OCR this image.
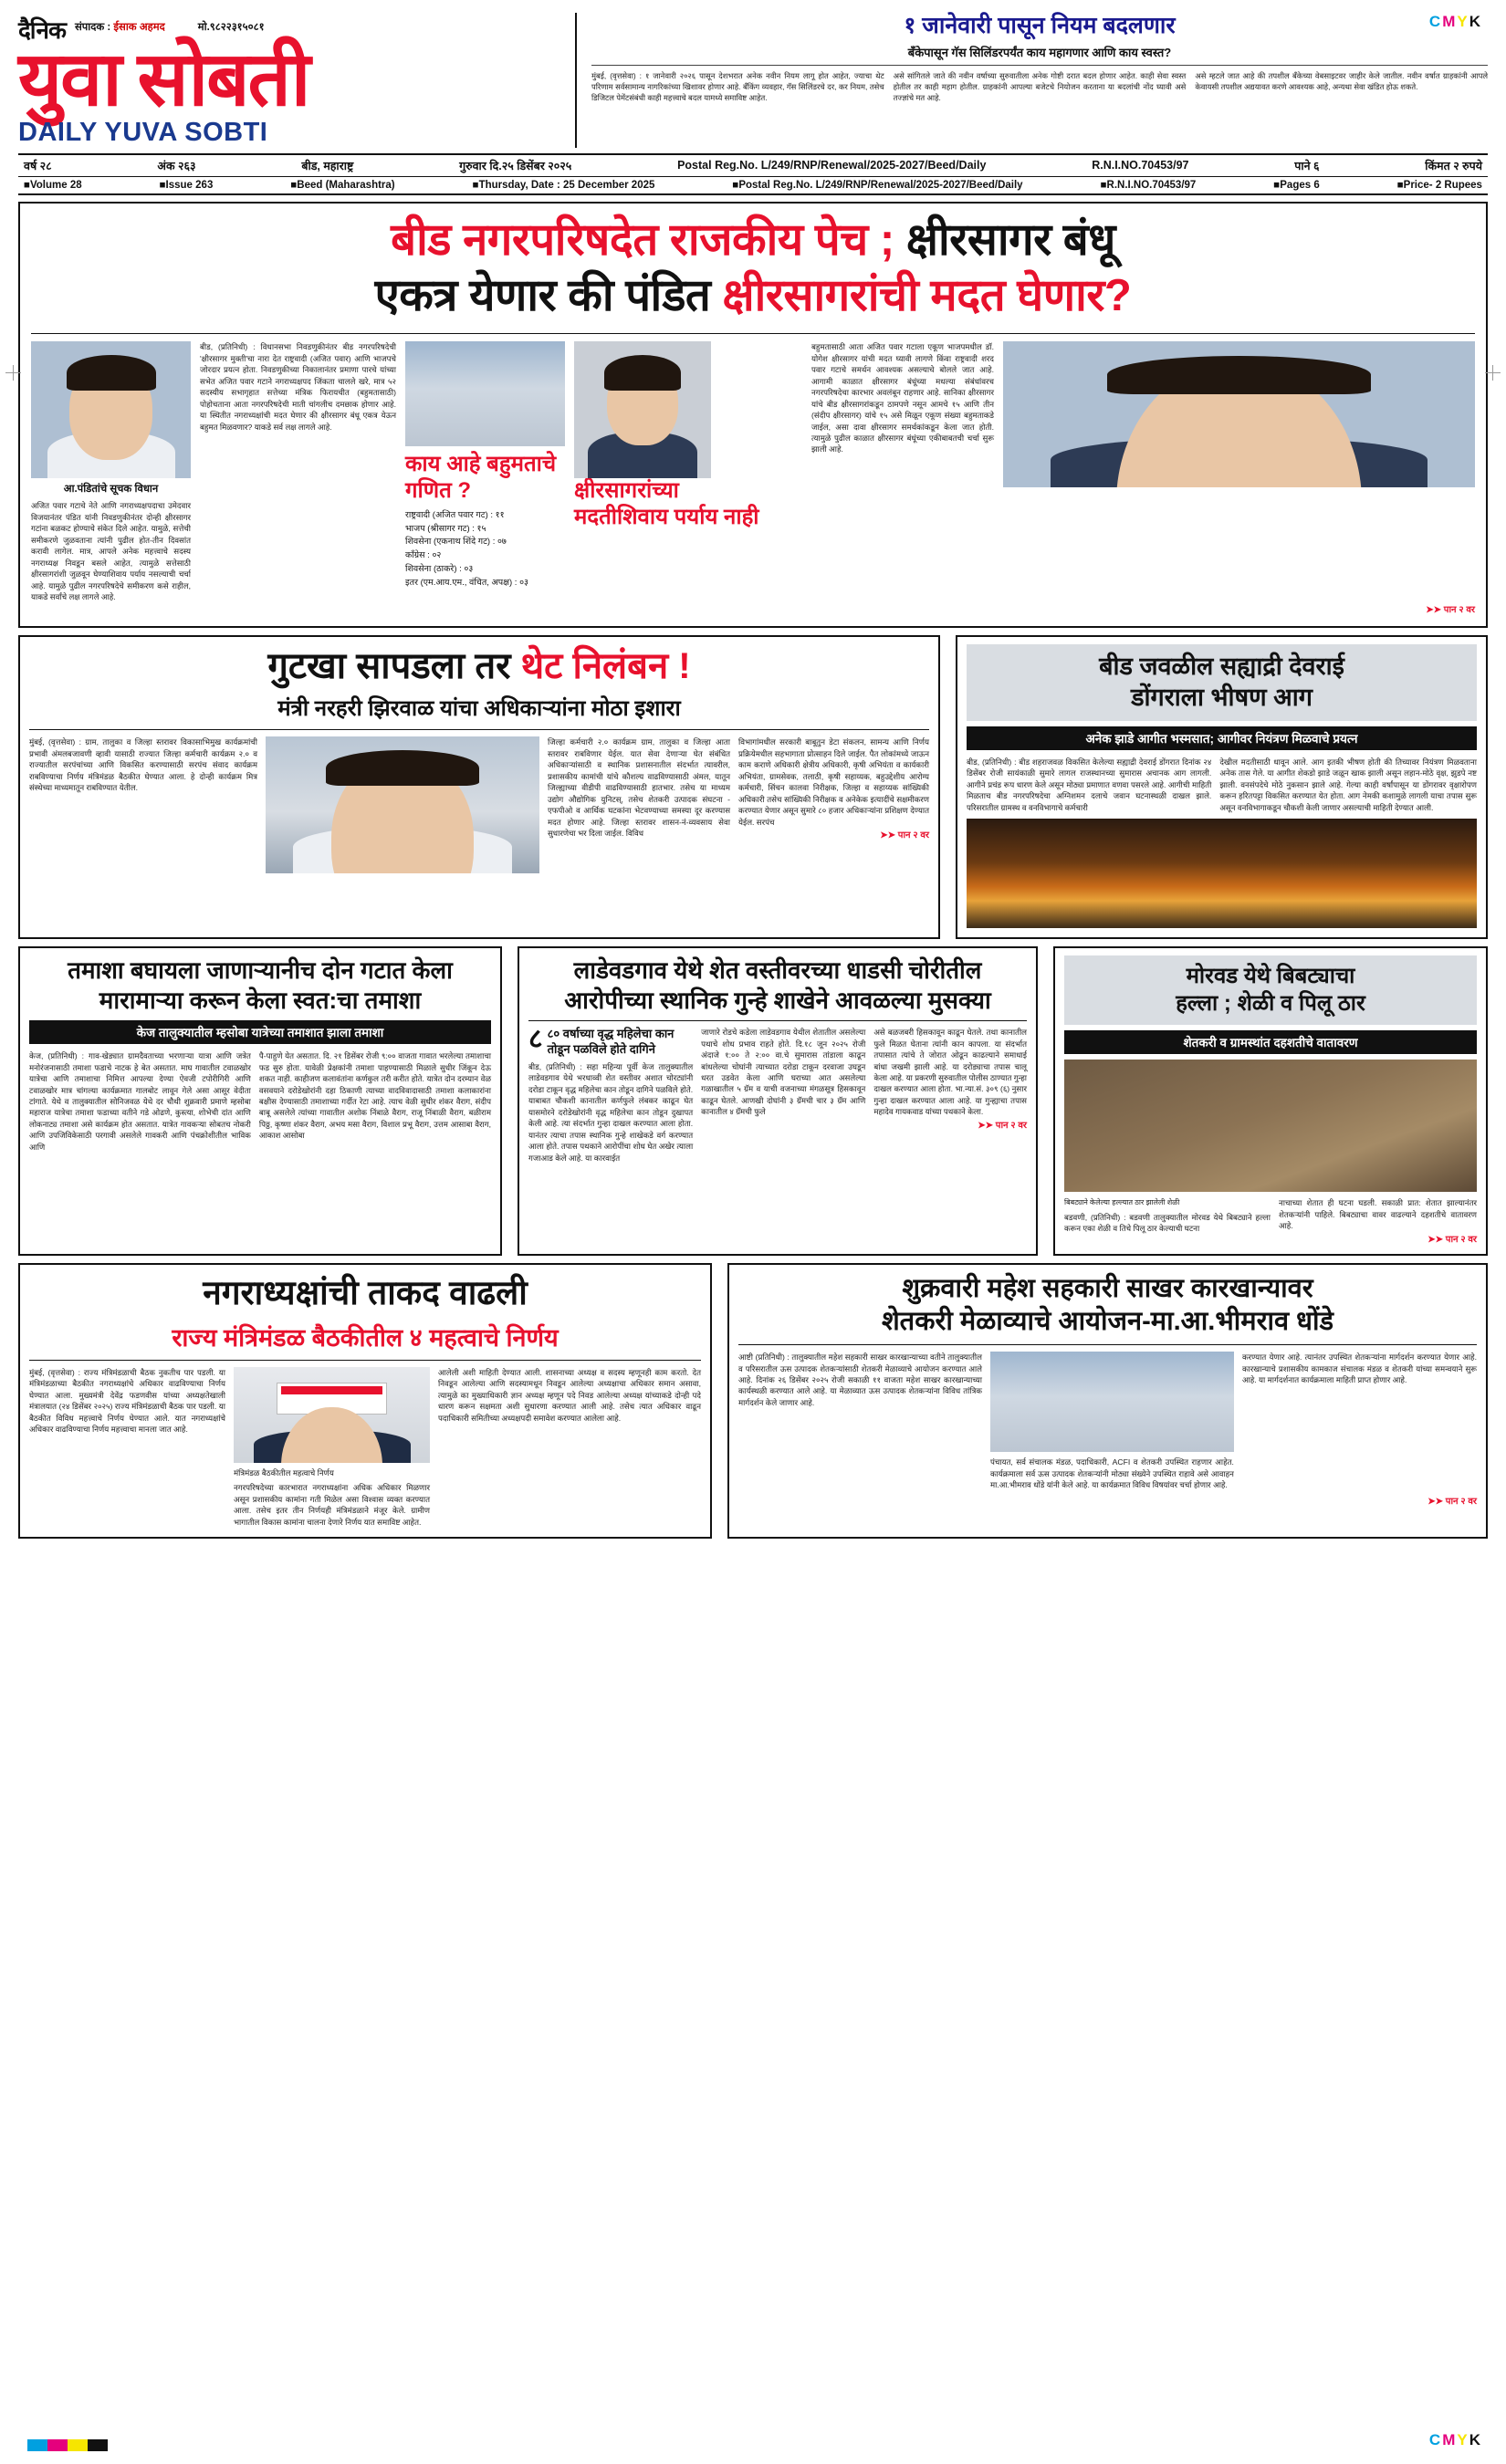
CMYK
दैनिक संपादक : ईसाक अहमद	मो.९८२२३१५०८१
युवा सोबती
DAILY YUVA SOBTI
१ जानेवारी पासून नियम बदलणार
बँकेपासून गॅस सिलिंडरपर्यंत काय महागणार आणि काय स्वस्त?
मुंबई, (वृत्तसेवा) : १ जानेवारी २०२६ पासून देशभरात अनेक नवीन नियम लागू होत आहेत, ज्याचा थेट परिणाम सर्वसामान्य नागरिकांच्या खिशावर होणार आहे. बँकिंग व्यवहार, गॅस सिलिंडरचे दर, कर नियम, तसेच डिजिटल पेमेंटसंबंधी काही महत्त्वाचे बदल यामध्ये समाविष्ट आहेत.
असे सांगितले जाते की नवीन वर्षाच्या सुरुवातीला अनेक गोष्टी दरात बदल होणार आहेत. काही सेवा स्वस्त होतील तर काही महाग होतील. ग्राहकांनी आपल्या बजेटचे नियोजन करताना या बदलांची नोंद घ्यावी असे तज्ज्ञांचे मत आहे.
असे म्हटले जात आहे की तपशील बँकेच्या वेबसाइटवर जाहीर केले जातील. नवीन वर्षात ग्राहकांनी आपले केवायसी तपशील अद्ययावत करणे आवश्यक आहे, अन्यथा सेवा खंडित होऊ शकते.
वर्ष २८	अंक २६३	बीड, महाराष्ट्र	गुरुवार दि.२५ डिसेंबर २०२५	Postal Reg.No. L/249/RNP/Renewal/2025-2027/Beed/Daily	R.N.I.NO.70453/97	पाने ६	किंमत २ रुपये
■Volume 28	■Issue 263	■Beed (Maharashtra)	■Thursday, Date : 25 December 2025	■Postal Reg.No. L/249/RNP/Renewal/2025-2027/Beed/Daily	■R.N.I.NO.70453/97	■Pages 6	■Price- 2 Rupees
बीड नगरपरिषदेत राजकीय पेच ; क्षीरसागर बंधू
एकत्र येणार की पंडित क्षीरसागरांची मदत घेणार?
आ.पंडितांचे सूचक विधान
अजित पवार गटाचे नेते आणि नगराध्यक्षपदाचा उमेदवार विजयानंतर पंडित यांनी निवडणुकीनंतर दोन्ही क्षीरसागर गटांना बळकट होण्याचे संकेत दिले आहेत. यामुळे, सत्तेची समीकरणे जुळवताना त्यांनी पुढील होत-तीन दिवसांत करावी लागेल. मात्र, आपले अनेक महत्त्वाचे सदस्य नगराध्यक्ष निवडून बसले आहेत, त्यामुळे सत्तेसाठी क्षीरसागरांशी जुळवून घेण्याशिवाय पर्याय नसल्याची चर्चा आहे. यामुळे पुढील नगरपरिषदेचे समीकरण कसे राहील, याकडे सर्वांचे लक्ष लागले आहे.
बीड, (प्रतिनिधी) : विधानसभा निवडणुकीनंतर बीड नगरपरिषदेची 'क्षीरसागर मुक्ती'चा नारा देत राष्ट्रवादी (अजित पवार) आणि भाजपचे जोरदार प्रयत्न होता. निवडणुकीच्या निकालानंतर प्रमाणा पारचे यांच्या सभेत अजित पवार गटाने नगराध्यक्षपद जिंकता चालले खरे, मात्र ५२ सदस्यीय सभागृहात सत्तेच्या मंत्रिक फिरायचीत (बहुमतासाठी) पोहोचताना आता नगरपरिषदेची माती चांगलीच दमछाक होणार आहे. या स्थितीत नगराध्यक्षांची मदत घेणार की क्षीरसागर बंधू एकत्र येऊन बहुमत मिळवणार? याकडे सर्व लक्ष लागले आहे.
काय आहे बहुमताचे गणित ?
राष्ट्रवादी (अजित पवार गट) : ११
भाजप (श्रीसागर गट) : १५
शिवसेना (एकनाथ शिंदे गट) : ०७
काँग्रेस : ०२
शिवसेना (ठाकरे) : ०३
इतर (एम.आय.एम., वंचित, अपक्ष) : ०३
क्षीरसागरांच्या
मदतीशिवाय पर्याय नाही
बहुमतासाठी आता अजित पवार गटाला एकूण भाजपमधील डॉ. योगेश क्षीरसागर यांची मदत घ्यावी लागणे किंवा राष्ट्रवादी शरद पवार गटाचे समर्थन आवश्यक असल्याचे बोलले जात आहे. आगामी काळात क्षीरसागर बंधूंच्या मधल्या संबंधांवरच नगरपरिषदेचा कारभार अवलंबून राहणार आहे. सानिका क्षीरसागर यांचे बीड क्षीरसागरांकडून ठामपणे नसून आमचे १५ आणि तीन (संदीप क्षीरसागर) यांचे १५ असे मिळून एकूण संख्या बहुमताकडे जाईल, असा दावा क्षीरसागर समर्थकांकडून केला जात होती. त्यामुळे पुढील काळात क्षीरसागर बंधूंच्या एकीबाबतची चर्चा सुरू झाली आहे.
➤➤ पान २ वर
गुटखा सापडला तर थेट निलंबन !
मंत्री नरहरी झिरवाळ यांचा अधिकाऱ्यांना मोठा इशारा
मुंबई, (वृत्तसेवा) : ग्राम, तालुका व जिल्हा स्तरावर विकासाभिमुख कार्यक्रमांची प्रभावी अंमलबजावणी व्हावी यासाठी राज्यात जिल्हा कर्मचारी कार्यक्रम २.० व राज्यातील सरपंचांच्या आणि विकसित करण्यासाठी सरपंच संवाद कार्यक्रम राबविण्याचा निर्णय मंत्रिमंडळ बैठकीत घेण्यात आला. हे दोन्ही कार्यक्रम मित्र संस्थेच्या माध्यमातून राबविण्यात येतील.
जिल्हा कर्मचारी २.० कार्यक्रम ग्राम, तालुका व जिल्हा आता स्तरावर राबविणार येईल. यात सेवा देणाऱ्या घेत संबंधित अधिकाऱ्यांसाठी व स्थानिक प्रशासनातील संदर्भात त्यावरील, प्रशासकीय कामांची यांचे कौशल्य वाढविण्यासाठी अंमल, यातून जिल्ह्याच्या वीडीपी वाढविण्यासाठी हातभार. तसेच या माध्यम उद्योग औद्योगिक युनिटस्, तसेच शेतकरी उत्पादक संघटना - एफपीओ व आर्थिक घटकांना भेटवण्याच्या समस्या दूर करण्यास मदत होणार आहे. जिल्हा स्तरावर शासन-नं-व्यवसाय सेवा सुधारणेचा भर दिला जाईल. विविध
विभागांमधील सरकारी बाबूतुन डेटा संकलन, सामन्य आणि निर्णय प्रक्रियेमधील सहभागाता प्रोत्साहन दिले जाईल. पैत लोकांमध्ये जाऊन काम कराणे अधिकारी क्षेत्रीय अधिकारी, कृषी अभियंता व कार्यकारी अभियंता, ग्रामसेवक, तलाठी, कृषी सहाय्यक, बहुउद्देशीय आरोग्य कर्मचारी, सिंचन कालवा निरीक्षक, जिल्हा व सहाय्यक सांख्यिकी अधिकारी तसेच सांख्यिकी निरीक्षक व अनेकेक इत्यादींचे सक्षमीकरण करण्यात येणार असून सुमारे ८० हजार अधिकाऱ्यांना प्रशिक्षण देण्यात येईल. सरपंच
➤➤ पान २ वर
बीड जवळील सह्याद्री देवराई
डोंगराला भीषण आग
अनेक झाडे आगीत भस्मसात; आगीवर नियंत्रण मिळवाचे प्रयत्न
बीड, (प्रतिनिधी) : बीड शहराजवळ विकसित केलेल्या सह्याद्री देवराई डोंगरात दिनांक २४ डिसेंबर रोजी सायंकाळी सुमारे लागल राजस्थानच्या सुमारास अचानक आग लागली. आगीने प्रचंड रूप धारण केले असून मोठ्या प्रमाणात वणवा पसरले आहे. आगीची माहिती मिळताच बीड नगरपरिषदेचा अग्निशमन दलाचे जवान घटनास्थळी दाखल झाले. परिसरातील ग्रामस्थ व वनविभागाचे कर्मचारी
देखील मदतीसाठी धावून आले. आग इतकी भीषण होती की तिच्यावर नियंत्रण मिळवताना अनेक तास गेले. या आगीत शेकडो झाडे जळून खाक झाली असून लहान-मोठे वृक्ष, झुडपे नष्ट झाली. वनसंपदेचे मोठे नुकसान झाले आहे. गेल्या काही वर्षांपासून या डोंगरावर वृक्षारोपण करून हरितपट्टा विकसित करण्यात येत होता. आग नेमकी कशामुळे लागली याचा तपास सुरू असून वनविभागाकडून चौकशी केली जाणार असल्याची माहिती देण्यात आली.
तमाशा बघायला जाणाऱ्यानीच दोन गटात केला
मारामाऱ्या करून केला स्वत:चा तमाशा
केज तालुक्यातील म्हसोबा यात्रेच्या तमाशात झाला तमाशा
केज, (प्रतिनिधी) : गाव-खेड्यात ग्रामदैवताच्या भरणाऱ्या यात्रा आणि जत्रेत मनोरंजनासाठी तमाशा फडाचे नाटक हे बेत असतात. माघ गावातील टवाळखोर यात्रेचा आणि तमाशाचा निमित्त आपल्या देण्या ऐवजी टपोरीगिरी आणि टवाळखोर मात्र चांगल्या कार्यक्रमात गालबोट लावून गेले असा आसूर वेदीता टांगाते. येथे व तालुक्यातील सोनिजवळ येथे दर चौथी शुक्रवारी प्रमाणे म्हसोबा महाराज यात्रेचा तमाशा फडाच्या वतीने गडे ओढणे, कुस्त्या, शोभेची दांत आणि लोकनाट्य तमाशा असे कार्यक्रम होत असतात. यात्रेत गावकऱ्या सोबतच नोकरी आणि उपजिविकेसाठी परगावी असलेले गावकरी आणि पंचक्रोशीतील भाविक आणि
पै-पाहुणे येत असतात. दि. २१ डिसेंबर रोजी ९:०० वाजता गावात भरलेल्या तमाशाचा फड सुरु होता. यावेळी प्रेक्षकांनी तमाशा पाहण्यासाठी मिळाले सुधीर जिंकून देऊ शकत नाही. काहीजण कलावंतांना कर्णकुल तरी करीत होते. यात्रेत दोन दरम्यान वेळ वसवयाने दरोडेखोरांनी दहा ठिकाणी त्याच्या वादविवादासाठी तमाशा कलाकारांना बक्षीस देण्यासाठी तमाशाच्या गर्दीत रेटा आहे. त्याच वेळी सुधीर शंकर वैराग, संदीप बाबू असलेले त्यांच्या गावातील अशोक निंबाळे वैराग, राजू निंबाळी वैराग, बळीराम पिठ्ठ, कृष्णा शंकर वैराग, अभय मसा वैराग, विशाल प्रभू वैराग, उत्तम आसाबा वैराग, आकाश आसोबा
लाडेवडगाव येथे शेत वस्तीवरच्या धाडसी चोरीतील
आरोपीच्या स्थानिक गुन्हे शाखेने आवळल्या मुसक्या
८ ८० वर्षाच्या वृद्ध महिलेचा कान तोडून पळविले होते दागिने
बीड, (प्रतिनिधी) : सहा महिन्या पूर्वी केज तालुक्यातील लाडेवडगाव येथे भरधाव्वी शेत वस्तीवर अशात चोरट्यांनी दरोडा टाकून वृद्ध महिलेचा कान तोडून दागिने पळविले होते. याबाबत चौकशी कानातील कर्णफुले लंबकर काढून घेत यासमोरने दरोडेखोरांनी वृद्ध महिलेचा कान तोडून दुखापत केली आहे. त्या संदर्भात गुन्हा दाखल करण्यात आला होता. यानंतर त्याचा तपास स्थानिक गुन्हे शाखेकडे वर्ग करण्यात आला होते. तपास पथकाने आरोपींचा शोध घेत अखेर त्याला गजाआड केले आहे. या कारवाईत
जाणारे रोडचे कडेला लाडेवडगाव येथील शेतातील असलेल्या पथाचे शोध प्रभाव राहते होते. दि.१८ जून २०२५ रोजी अंदाजे १:०० ते २:०० वा.चे सुमारास तांडाला काढून बांधलेल्या चोघांनी त्याच्यात दरोडा टाकून दरवाजा उघडून धरत उडवेत केला आणि घराच्या आत असलेल्या गळाखातील ५ ग्रॅम व याची वजनाच्या मंगळसूत्र हिसकावून काढून घेतले. आणखी दोघांनी ३ ग्रॅमची चार ३ ग्रॅम आणि कानातील ४ ग्रॅमची फुले
असे बळजबरी हिसकावून काढून घेतले. तथा कानातील फुले मिळत घेताना त्यांनी कान कापला. या संदर्भात तपासात त्यांचे ते जोरात ओढून काढल्याने समाधाई बांधा जखमी झाली आहे. या दरोड्याचा तपास चालू केला आहे. या प्रकरणी सुरुवातील पोलीस ठाण्यात गुन्हा दाखल करण्यात आला होता. भा.न्या.सं. ३०९ (६) नुसार गुन्हा दाखल करण्यात आला आहे. या गुन्ह्याचा तपास महादेव गायकवाड यांच्या पथकाने केला.
➤➤ पान २ वर
मोरवड येथे बिबट्याचा
हल्ला ; शेळी व पिलू ठार
शेतकरी व ग्रामस्थांत दहशतीचे वातावरण
बिबट्याने केलेल्या हल्ल्यात ठार झालेली शेळी
बडवणी, (प्रतिनिधी) : बडवणी तालुक्यातील मोरवड येथे बिबट्याने हल्ला करून एका शेळी व तिचे पिलू ठार केल्याची घटना
नाचाच्या शेतात ही घटना घडली. सकाळी प्रात: शेतात झाल्यानंतर शेतकऱ्यांनी पाहिले. बिबट्याचा वावर वाढल्याने दहशतीचे वातावरण आहे.
➤➤ पान २ वर
नगराध्यक्षांची ताकद वाढली
राज्य मंत्रिमंडळ बैठकीतील ४ महत्वाचे निर्णय
मुंबई, (वृत्तसेवा) : राज्य मंत्रिमंडळाची बैठक नुकतीच पार पडली. या मंत्रिमंडळाच्या बैठकीत नगराध्यक्षांचे अधिकार वाढविण्याचा निर्णय घेण्यात आला. मुख्यमंत्री देवेंद्र फडणवीस यांच्या अध्यक्षतेखाली मंत्रालयात (२४ डिसेंबर २०२५) राज्य मंत्रिमंडळाची बैठक पार पडली. या बैठकीत विविध महत्त्वाचे निर्णय घेण्यात आले. यात नगराध्यक्षांचे अधिकार वाढविण्याचा निर्णय महत्त्वाचा मानला जात आहे.
मंत्रिमंडळ बैठकीतील महत्वाचे निर्णय
नगरपरिषदेच्या कारभारात नगराध्यक्षांना अधिक अधिकार मिळणार असून प्रशासकीय कामांना गती मिळेल असा विश्वास व्यक्त करण्यात आला. तसेच इतर तीन निर्णयही मंत्रिमंडळाने मंजूर केले. ग्रामीण भागातील विकास कामांना चालना देणारे निर्णय यात समाविष्ट आहेत.
आलेली अशी माहिती देण्यात आली. शासनाच्या अध्यक्ष व सदस्य म्हणूनही काम करतो. देत निवडून आलेल्या आणि सदस्यामधून निवडून आलेल्या अध्यक्षाचा अधिकार समान असावा, त्यामुळे का मुख्याधिकारी ज्ञान अध्यक्ष म्हणून पदे निवड आलेल्या अध्यक्ष यांच्याकडे दोन्ही पदे धारण करून सक्षमता अशी सुधारणा करण्यात आली आहे. तसेच त्यात अधिकार वाढून पदाधिकारी समितीच्या अध्यक्षपदी समावेश करण्यात आलेला आहे.
शुक्रवारी महेश सहकारी साखर कारखान्यावर
शेतकरी मेळाव्याचे आयोजन-मा.आ.भीमराव धोंडे
आष्टी (प्रतिनिधी) : तालुक्यातील महेश सहकारी साखर कारखान्याच्या वतीने तालुक्यातील व परिसरातील ऊस उत्पादक शेतकऱ्यांसाठी शेतकरी मेळाव्याचे आयोजन करण्यात आले आहे. दिनांक २६ डिसेंबर २०२५ रोजी सकाळी ११ वाजता महेश साखर कारखान्याच्या कार्यस्थळी करण्यात आले आहे. या मेळाव्यात ऊस उत्पादक शेतकऱ्यांना विविध तांत्रिक मार्गदर्शन केले जाणार आहे.
पंचायत, सर्व संचालक मंडळ, पदाधिकारी, ACFI व शेतकरी उपस्थित राहणार आहेत. कार्यक्रमाला सर्व ऊस उत्पादक शेतकऱ्यांनी मोठ्या संख्येने उपस्थित राहावे असे आवाहन मा.आ.भीमराव धोंडे यांनी केले आहे. या कार्यक्रमात विविध विषयांवर चर्चा होणार आहे.
करण्यात येणार आहे. त्यानंतर उपस्थित शेतकऱ्यांना मार्गदर्शन करण्यात येणार आहे. कारखान्याचे प्रशासकीय कामकाज संचालक मंडळ व शेतकरी यांच्या समन्वयाने सुरू आहे. या मार्गदर्शनात कार्यक्रमाला माहिती प्राप्त होणार आहे.
➤➤ पान २ वर
CMYK
